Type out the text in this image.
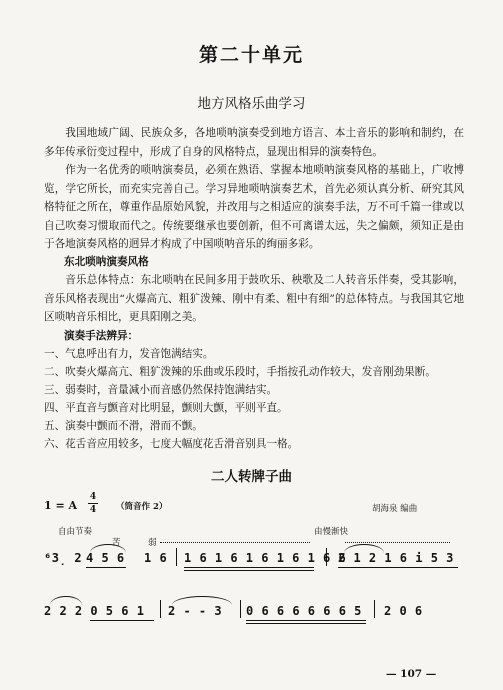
第二十单元
地方风格乐曲学习
我国地域广阔、民族众多，各地唢呐演奏受到地方语言、本土音乐的影响和制约，在多年传承衍变过程中，形成了自身的风格特点，显现出相异的演奏特色。
作为一名优秀的唢呐演奏员，必须在熟语、掌握本地唢呐演奏风格的基础上，广收博览，学它所长，而充实完善自己。学习异地唢呐演奏艺术，首先必须认真分析、研究其风格特征之所在，尊重作品原始风貌，并改用与之相适应的演奏手法，万不可千篇一律或以自己吹奏习惯取而代之。传统要继承也要创新，但不可离谱太远，失之偏颇，须知正是由于各地演奏风格的迥异才构成了中国唢呐音乐的绚丽多彩。
东北唢呐演奏风格
音乐总体特点：东北唢呐在民间多用于鼓吹乐、秧歌及二人转音乐伴奏，受其影响，音乐风格表现出“火爆高亢、粗犷泼辣、刚中有柔、粗中有细”的总体特点。与我国其它地区唢呐音乐相比，更具阳刚之美。
演奏手法辨异：
一、气息呼出有力，发音饱满结实。
二、吹奏火爆高亢、粗犷泼辣的乐曲或乐段时，手指按孔动作较大，发音刚劲果断。
三、弱奏时，音量减小而音感仍然保持饱满结实。
四、平直音与颤音对比明显，颤则大颤，平则平直。
五、演奏中颤而不滑，滑而不颤。
六、花舌音应用较多，七度大幅度花舌滑音别具一格。
二人转牌子曲
1 = A
4
4 （筒音作 2）	胡海泉 编曲
自由节奏	由慢渐快
苦	弱
⁶3̣ 2 4 5 6 1 6 1 6 1 6 1 6 1 6 1 6 6
2 1 2 1 6 i 5 3
2 2 2 0 5 6 1 2 - - 3 0 6 6 6 6 6 6 5 2 0 6
— 107 —
